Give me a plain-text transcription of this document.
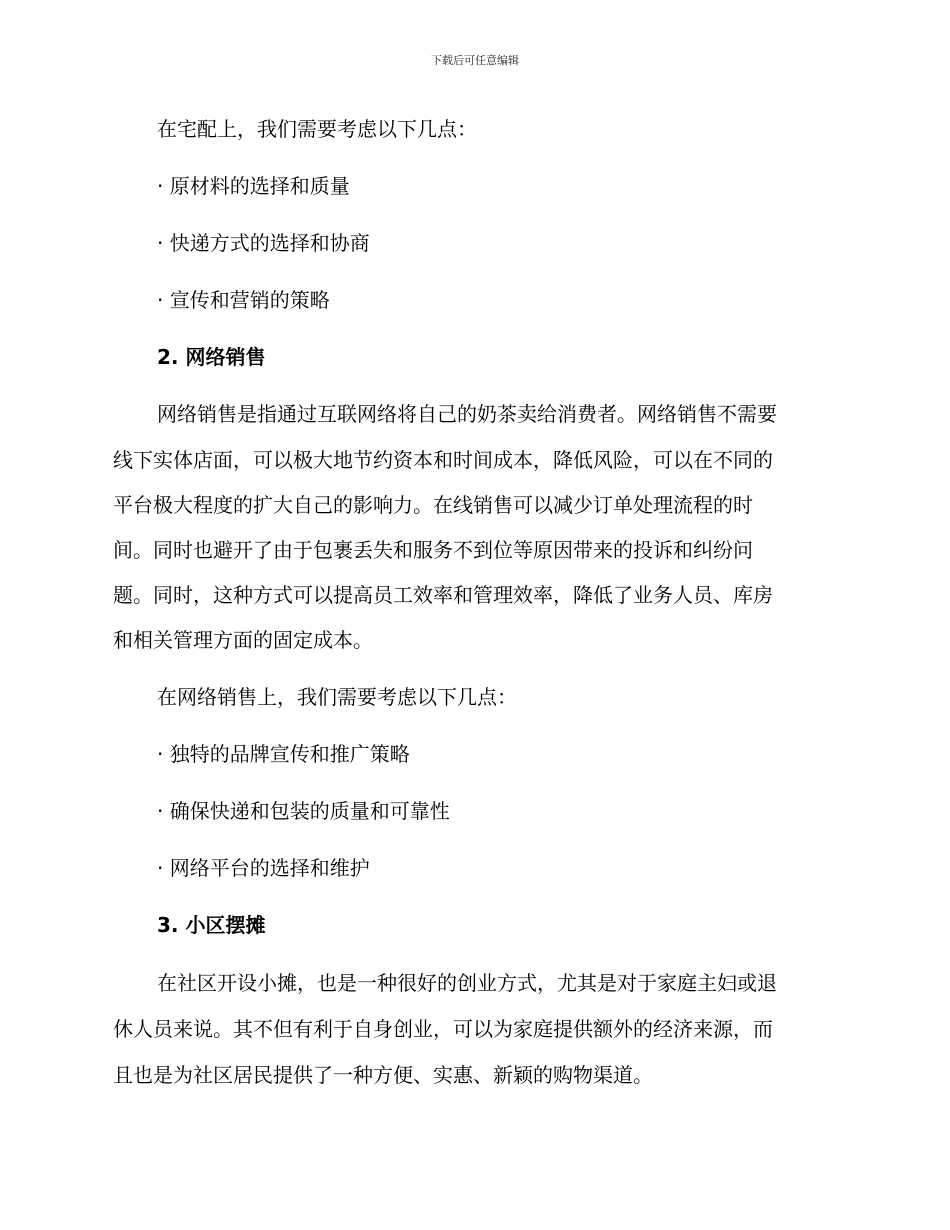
下载后可任意编辑
在宅配上，我们需要考虑以下几点：
· 原材料的选择和质量
· 快递方式的选择和协商
· 宣传和营销的策略
2. 网络销售
网络销售是指通过互联网络将自己的奶茶卖给消费者。网络销售不需要
线下实体店面，可以极大地节约资本和时间成本，降低风险，可以在不同的
平台极大程度的扩大自己的影响力。在线销售可以减少订单处理流程的时
间。同时也避开了由于包裹丢失和服务不到位等原因带来的投诉和纠纷问
题。同时，这种方式可以提高员工效率和管理效率，降低了业务人员、库房
和相关管理方面的固定成本。
在网络销售上，我们需要考虑以下几点：
· 独特的品牌宣传和推广策略
· 确保快递和包装的质量和可靠性
· 网络平台的选择和维护
3. 小区摆摊
在社区开设小摊，也是一种很好的创业方式，尤其是对于家庭主妇或退
休人员来说。其不但有利于自身创业，可以为家庭提供额外的经济来源，而
且也是为社区居民提供了一种方便、实惠、新颖的购物渠道。
